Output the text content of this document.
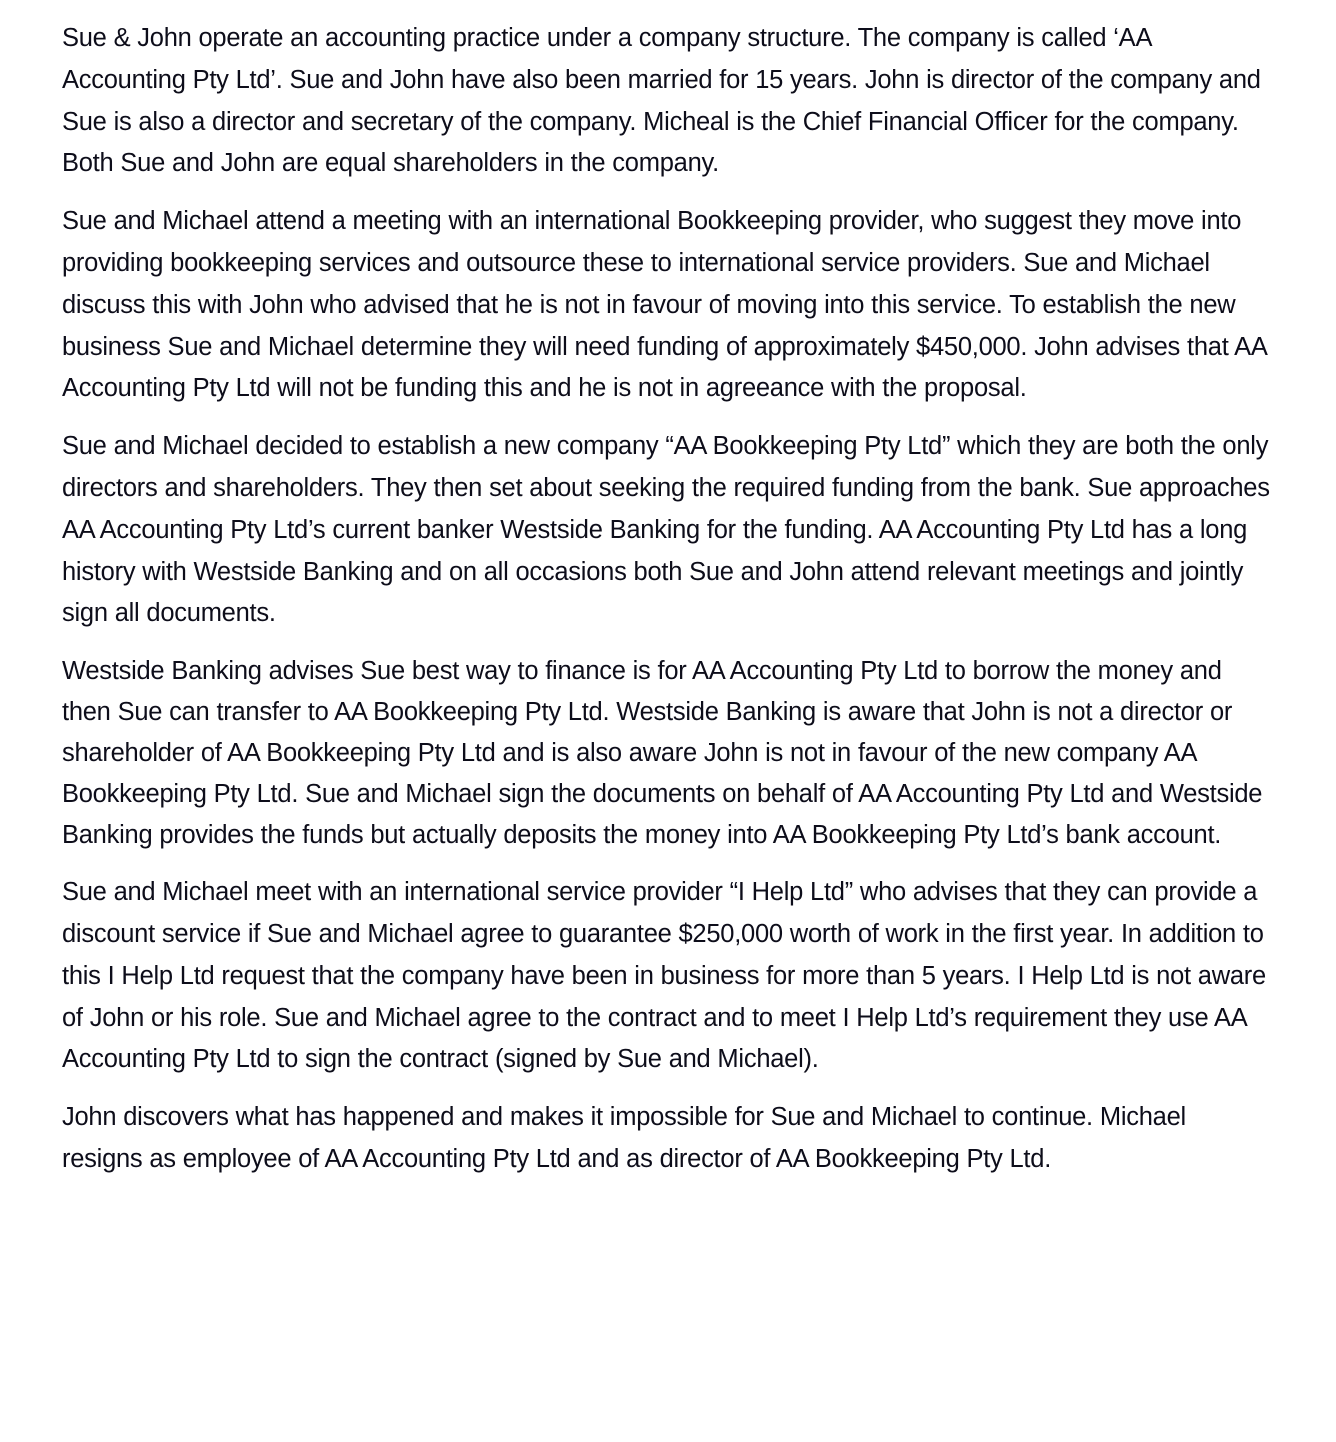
Sue & John operate an accounting practice under a company structure. The company is called ‘AA Accounting Pty Ltd’. Sue and John have also been married for 15 years. John is director of the company and Sue is also a director and secretary of the company. Micheal is the Chief Financial Officer for the company. Both Sue and John are equal shareholders in the company.

Sue and Michael attend a meeting with an international Bookkeeping provider, who suggest they move into providing bookkeeping services and outsource these to international service providers. Sue and Michael discuss this with John who advised that he is not in favour of moving into this service. To establish the new business Sue and Michael determine they will need funding of approximately $450,000. John advises that AA Accounting Pty Ltd will not be funding this and he is not in agreeance with the proposal.

Sue and Michael decided to establish a new company “AA Bookkeeping Pty Ltd” which they are both the only directors and shareholders. They then set about seeking the required funding from the bank. Sue approaches AA Accounting Pty Ltd’s current banker Westside Banking for the funding. AA Accounting Pty Ltd has a long history with Westside Banking and on all occasions both Sue and John attend relevant meetings and jointly sign all documents.

Westside Banking advises Sue best way to finance is for AA Accounting Pty Ltd to borrow the money and then Sue can transfer to AA Bookkeeping Pty Ltd. Westside Banking is aware that John is not a director or shareholder of AA Bookkeeping Pty Ltd and is also aware John is not in favour of the new company AA Bookkeeping Pty Ltd. Sue and Michael sign the documents on behalf of AA Accounting Pty Ltd and Westside Banking provides the funds but actually deposits the money into AA Bookkeeping Pty Ltd’s bank account.

Sue and Michael meet with an international service provider “I Help Ltd” who advises that they can provide a discount service if Sue and Michael agree to guarantee $250,000 worth of work in the first year. In addition to this I Help Ltd request that the company have been in business for more than 5 years. I Help Ltd is not aware of John or his role. Sue and Michael agree to the contract and to meet I Help Ltd’s requirement they use AA Accounting Pty Ltd to sign the contract (signed by Sue and Michael).

John discovers what has happened and makes it impossible for Sue and Michael to continue. Michael resigns as employee of AA Accounting Pty Ltd and as director of AA Bookkeeping Pty Ltd.
